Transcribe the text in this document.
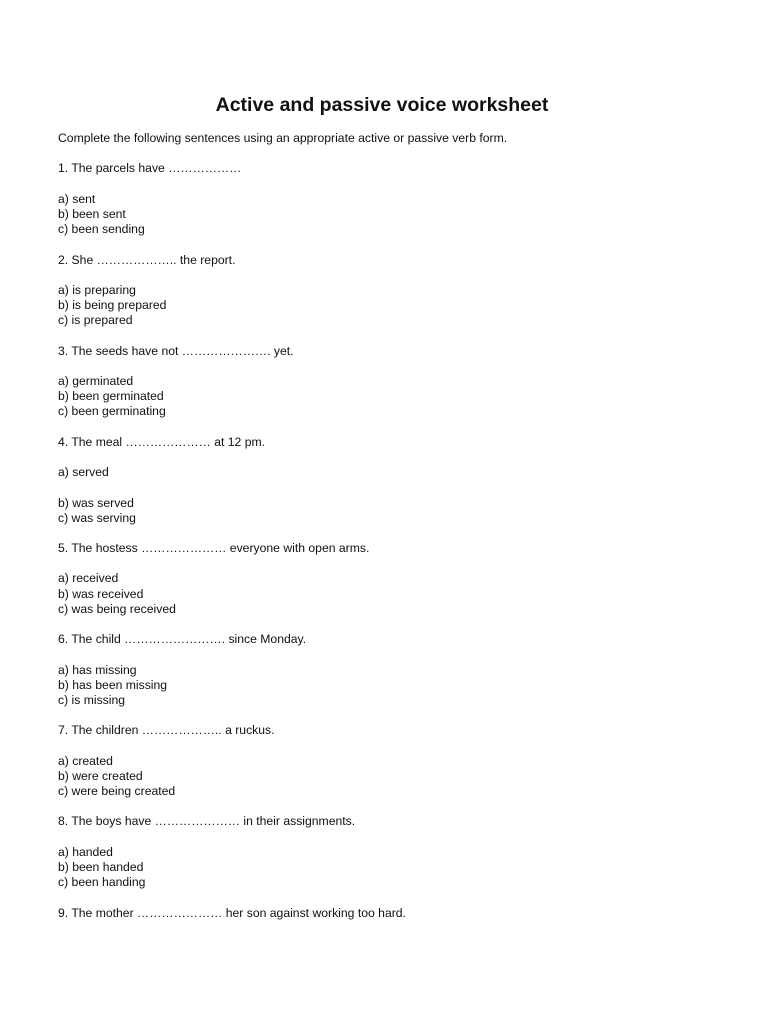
Active and passive voice worksheet
Complete the following sentences using an appropriate active or passive verb form.
1. The parcels have ………………
a) sent
b) been sent
c) been sending
2. She ……………….. the report.
a) is preparing
b) is being prepared
c) is prepared
3. The seeds have not …………………. yet.
a) germinated
b) been germinated
c) been germinating
4. The meal ………………… at 12 pm.
a) served
b) was served
c) was serving
5. The hostess ………………… everyone with open arms.
a) received
b) was received
c) was being received
6. The child ……………………. since Monday.
a) has missing
b) has been missing
c) is missing
7. The children ……………….. a ruckus.
a) created
b) were created
c) were being created
8. The boys have ………………… in their assignments.
a) handed
b) been handed
c) been handing
9. The mother ………………… her son against working too hard.
